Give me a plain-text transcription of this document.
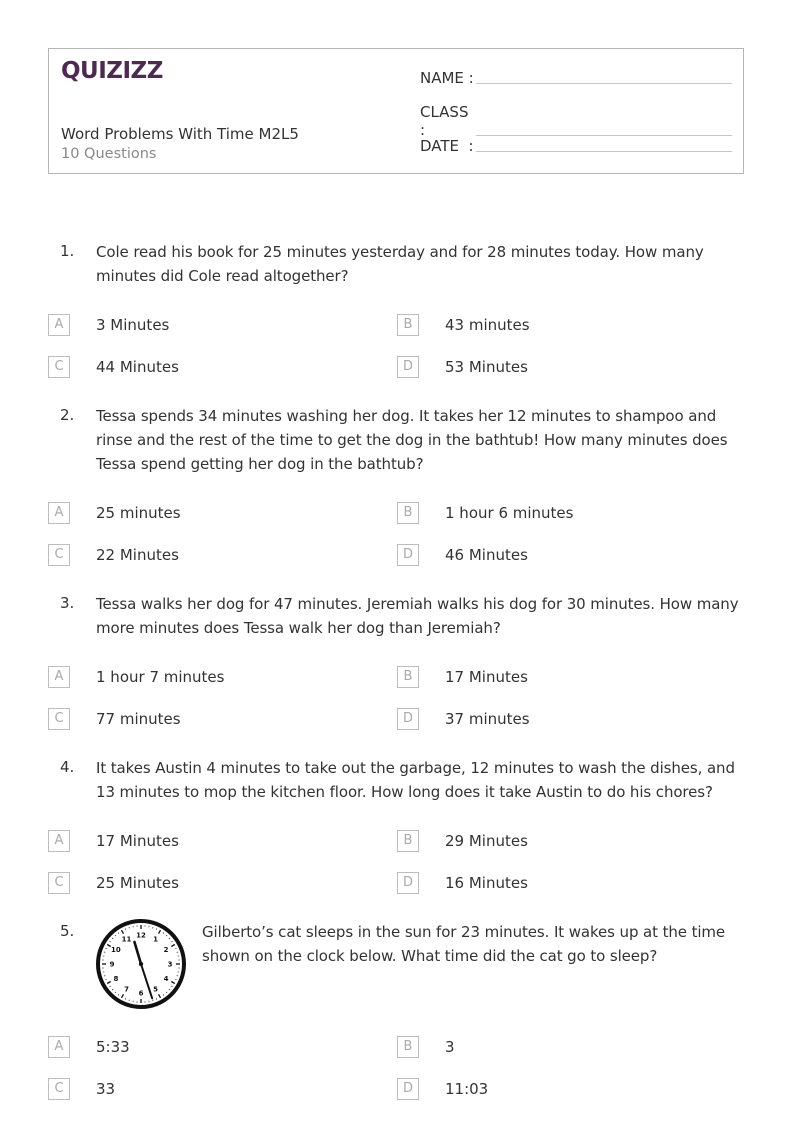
QUIZIZZ
Word Problems With Time M2L5
10 Questions
NAME :
CLASS :
DATE  :
1. Cole read his book for 25 minutes yesterday and for 28 minutes today. How many minutes did Cole read altogether?
A	3 Minutes	B	43 minutes
C	44 Minutes	D	53 Minutes
2. Tessa spends 34 minutes washing her dog. It takes her 12 minutes to shampoo and rinse and the rest of the time to get the dog in the bathtub! How many minutes does Tessa spend getting her dog in the bathtub?
A	25 minutes	B	1 hour 6 minutes
C	22 Minutes	D	46 Minutes
3. Tessa walks her dog for 47 minutes. Jeremiah walks his dog for 30 minutes. How many more minutes does Tessa walk her dog than Jeremiah?
A	1 hour 7 minutes	B	17 Minutes
C	77 minutes	D	37 minutes
4. It takes Austin 4 minutes to take out the garbage, 12 minutes to wash the dishes, and 13 minutes to mop the kitchen floor. How long does it take Austin to do his chores?
A	17 Minutes	B	29 Minutes
C	25 Minutes	D	16 Minutes
5.	12 1
2
3
4
5
6
7
8
9
10
11	Gilberto’s cat sleeps in the sun for 23 minutes. It wakes up at the time shown on the clock below. What time did the cat go to sleep?
A	5:33	B	3
C	33	D	11:03
